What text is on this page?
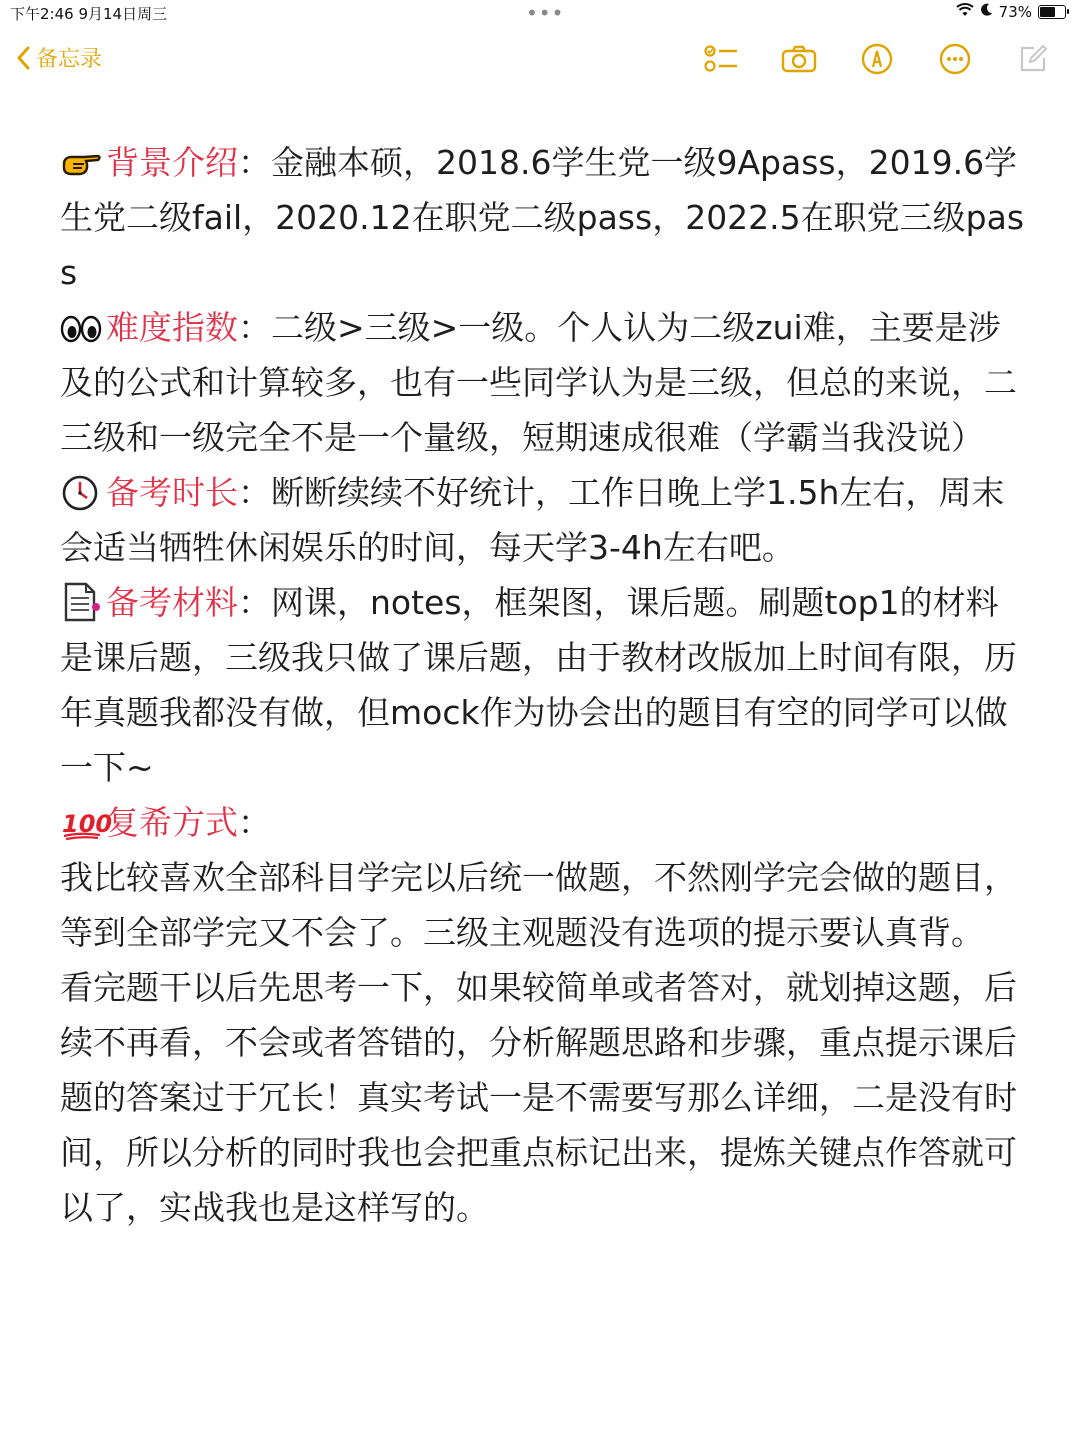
下午2:46 9月14日周三	•••	73%
备忘录

背景介绍：金融本硕，2018.6学生党一级9Apass，2019.6学生党二级fail，2020.12在职党二级pass，2022.5在职党三级pass

难度指数：二级>三级>一级。个人认为二级zui难，主要是涉及的公式和计算较多，也有一些同学认为是三级，但总的来说，二三级和一级完全不是一个量级，短期速成很难（学霸当我没说）

备考时长：断断续续不好统计，工作日晚上学1.5h左右，周末会适当牺牲休闲娱乐的时间，每天学3-4h左右吧。

备考材料：网课，notes，框架图，课后题。刷题top1的材料是课后题，三级我只做了课后题，由于教材改版加上时间有限，历年真题我都没有做，但mock作为协会出的题目有空的同学可以做一下~

100
复希方式：

我比较喜欢全部科目学完以后统一做题，不然刚学完会做的题目，等到全部学完又不会了。三级主观题没有选项的提示要认真背。

看完题干以后先思考一下，如果较简单或者答对，就划掉这题，后续不再看，不会或者答错的，分析解题思路和步骤，重点提示课后题的答案过于冗长！真实考试一是不需要写那么详细，二是没有时间，所以分析的同时我也会把重点标记出来，提炼关键点作答就可以了，实战我也是这样写的。
